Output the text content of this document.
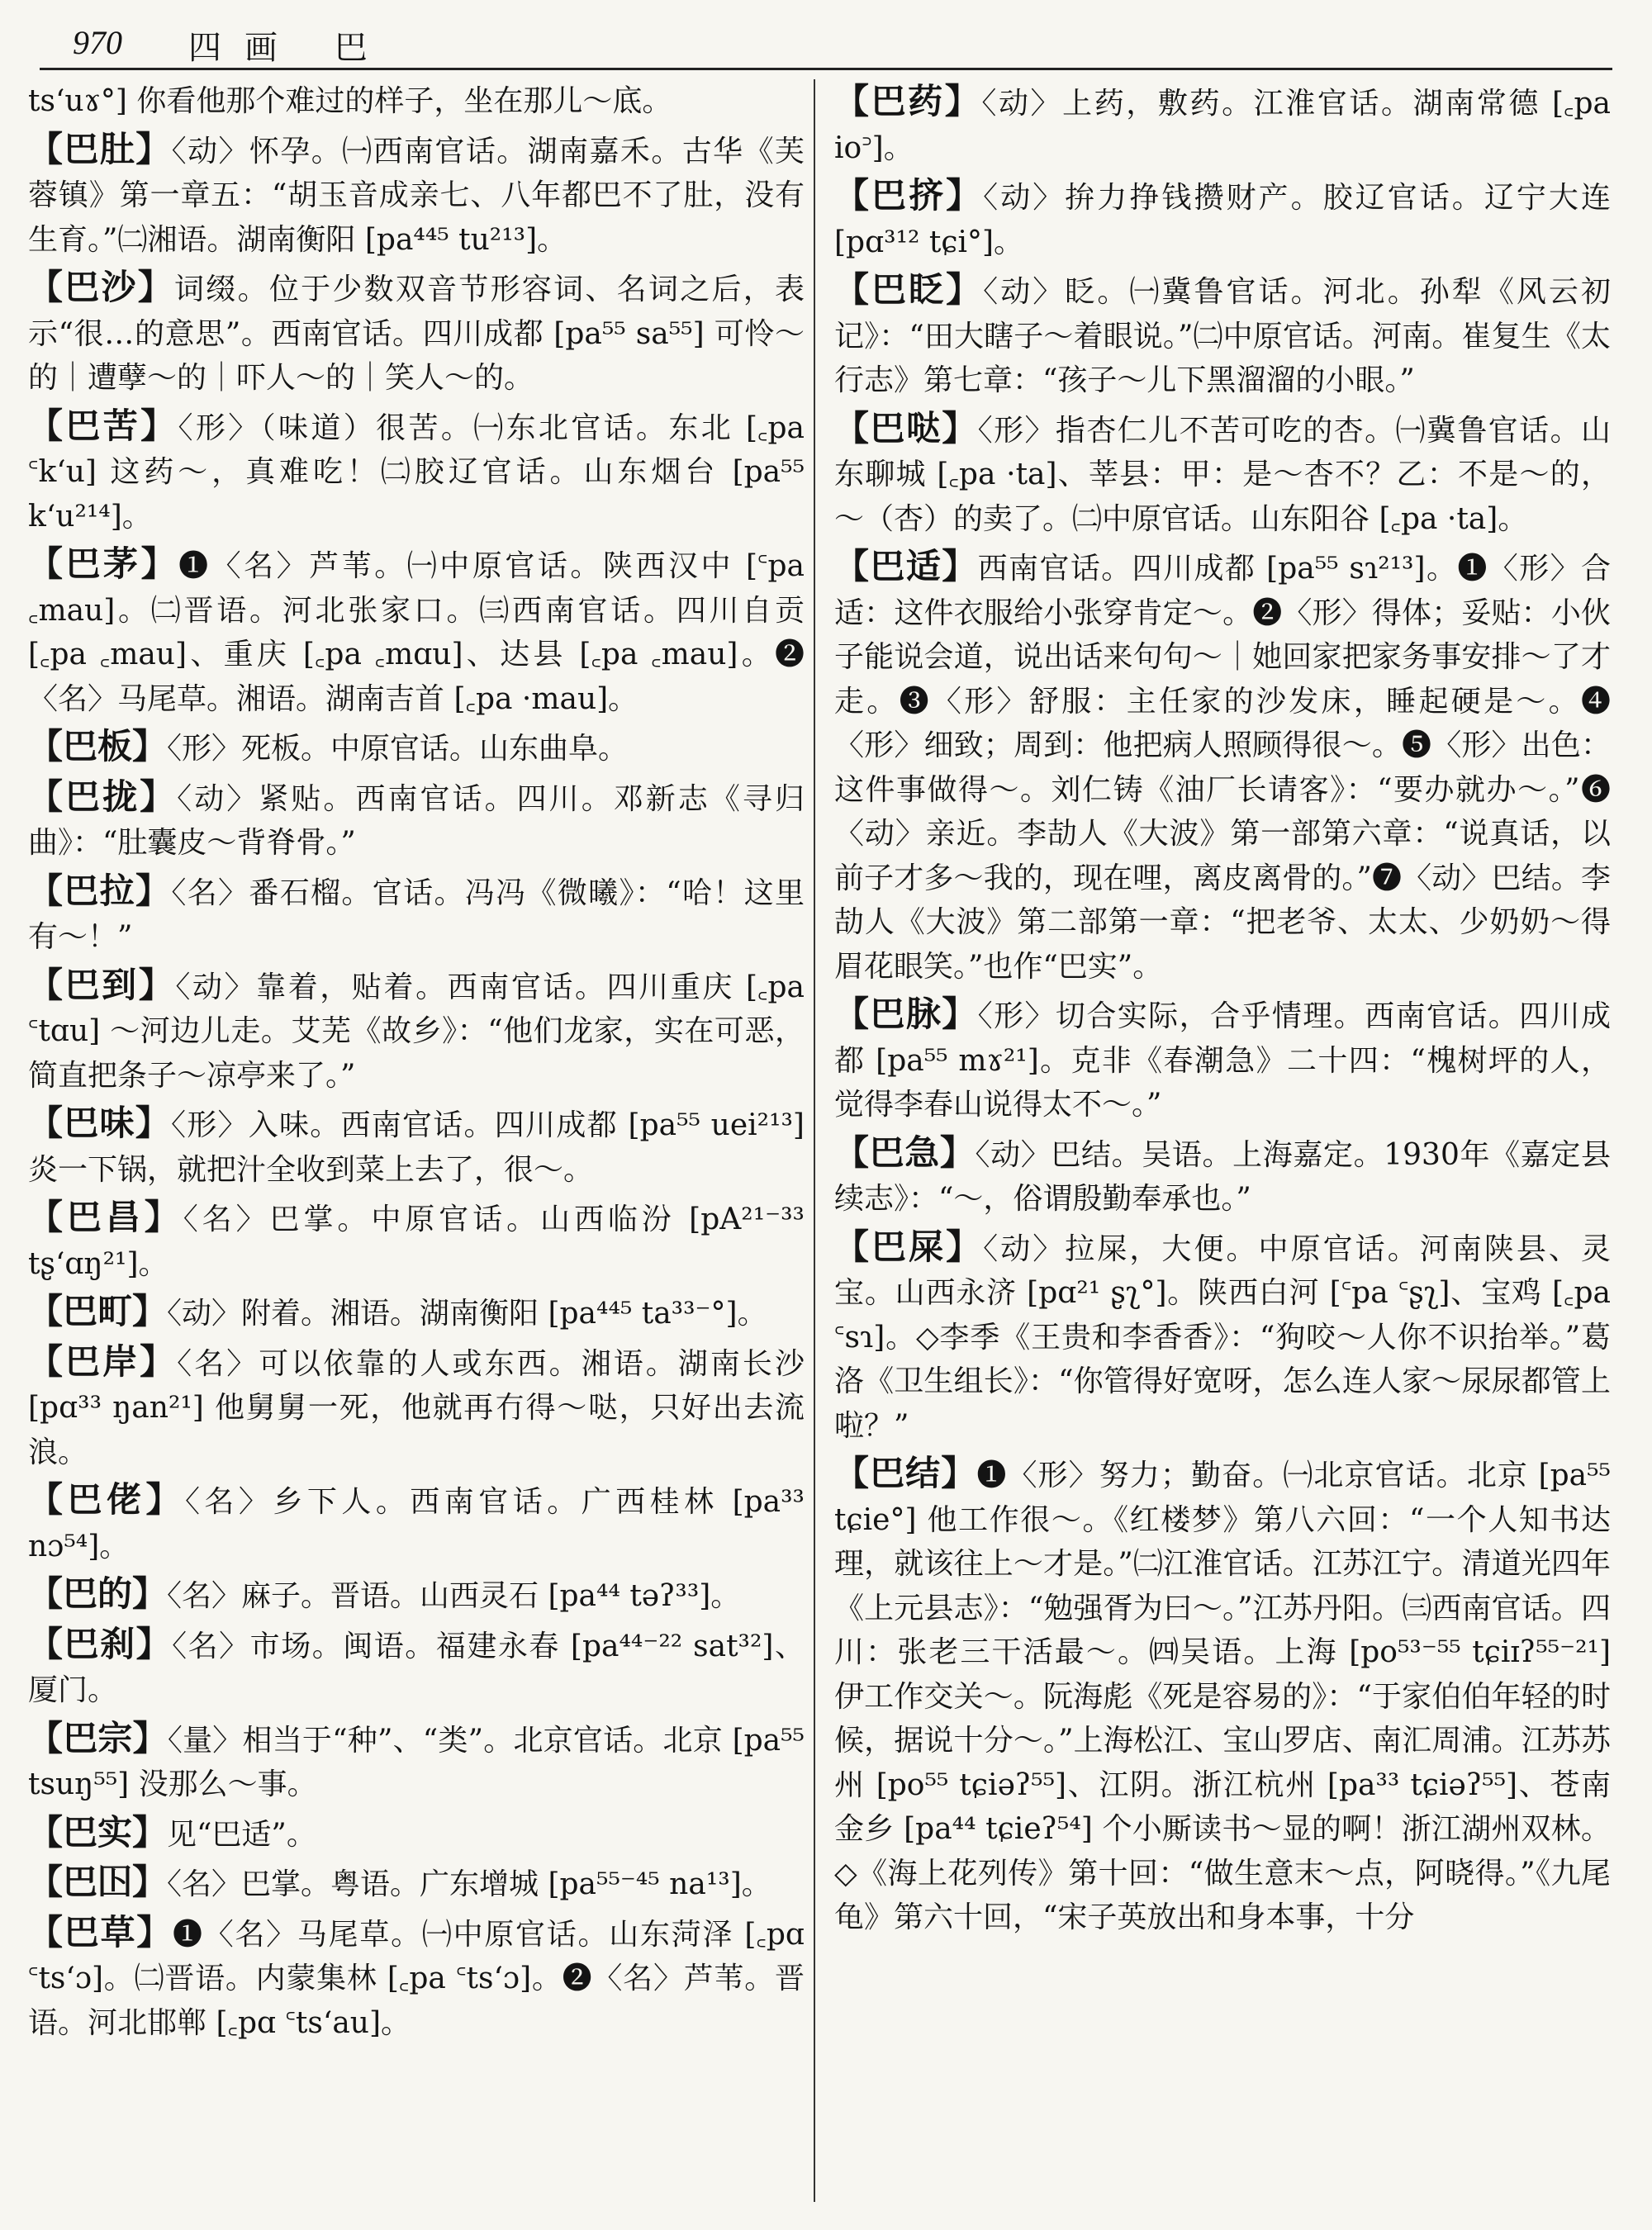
970 四画 巴
tsʻuɤ°] 你看他那个难过的样子，坐在那儿～底。
【巴肚】〈动〉怀孕。㈠西南官话。湖南嘉禾。古华《芙蓉镇》第一章五：“胡玉音成亲七、八年都巴不了肚，没有生育。”㈡湘语。湖南衡阳 [pa⁴⁴⁵ tu²¹³]。
【巴沙】词缀。位于少数双音节形容词、名词之后，表示“很…的意思”。西南官话。四川成都 [pa⁵⁵ sa⁵⁵] 可怜～的｜遭孽～的｜吓人～的｜笑人～的。
【巴苦】〈形〉（味道）很苦。㈠东北官话。东北 [꜀pa ꜂kʻu] 这药～，真难吃！㈡胶辽官话。山东烟台 [pa⁵⁵ kʻu²¹⁴]。
【巴茅】❶〈名〉芦苇。㈠中原官话。陕西汉中 [꜂pa ꜀mau]。㈡晋语。河北张家口。㈢西南官话。四川自贡 [꜀pa ꜀mau]、重庆 [꜀pa ꜀mɑu]、达县 [꜀pa ꜀mau]。❷〈名〉马尾草。湘语。湖南吉首 [꜀pa ·mau]。
【巴板】〈形〉死板。中原官话。山东曲阜。
【巴拢】〈动〉紧贴。西南官话。四川。邓新志《寻归曲》：“肚囊皮～背脊骨。”
【巴拉】〈名〉番石榴。官话。冯冯《微曦》：“哈！这里有～！”
【巴到】〈动〉靠着，贴着。西南官话。四川重庆 [꜀pa ꜂tɑu] ～河边儿走。艾芜《故乡》：“他们龙家，实在可恶，简直把条子～凉亭来了。”
【巴味】〈形〉入味。西南官话。四川成都 [pa⁵⁵ uei²¹³] 炎一下锅，就把汁全收到菜上去了，很～。
【巴昌】〈名〉巴掌。中原官话。山西临汾 [pA²¹⁻³³ tʂʻɑŋ²¹]。
【巴町】〈动〉附着。湘语。湖南衡阳 [pa⁴⁴⁵ ta³³⁻°]。
【巴岸】〈名〉可以依靠的人或东西。湘语。湖南长沙 [pɑ³³ ŋan²¹] 他舅舅一死，他就再冇得～哒，只好出去流浪。
【巴佬】〈名〉乡下人。西南官话。广西桂林 [pa³³ nɔ⁵⁴]。
【巴的】〈名〉麻子。晋语。山西灵石 [pa⁴⁴ təʔ³³]。
【巴刹】〈名〉市场。闽语。福建永春 [pa⁴⁴⁻²² sat³²]、厦门。
【巴宗】〈量〉相当于“种”、“类”。北京官话。北京 [pa⁵⁵ tsuŋ⁵⁵] 没那么～事。
【巴实】见“巴适”。
【巴𡆥】〈名〉巴掌。粤语。广东增城 [pa⁵⁵⁻⁴⁵ na¹³]。
【巴草】❶〈名〉马尾草。㈠中原官话。山东菏泽 [꜀pɑ ꜂tsʻɔ]。㈡晋语。内蒙集林 [꜀pa ꜂tsʻɔ]。❷〈名〉芦苇。晋语。河北邯郸 [꜀pɑ ꜂tsʻau]。
【巴药】〈动〉上药，敷药。江淮官话。湖南常德 [꜀pa io꜄]。
【巴挤】〈动〉拚力挣钱攒财产。胶辽官话。辽宁大连 [pɑ³¹² tɕi°]。
【巴眨】〈动〉眨。㈠冀鲁官话。河北。孙犁《风云初记》：“田大瞎子～着眼说。”㈡中原官话。河南。崔复生《太行志》第七章：“孩子～儿下黑溜溜的小眼。”
【巴哒】〈形〉指杏仁儿不苦可吃的杏。㈠冀鲁官话。山东聊城 [꜀pa ·ta]、莘县：甲：是～杏不？乙：不是～的，～（杏）的卖了。㈡中原官话。山东阳谷 [꜀pa ·ta]。
【巴适】西南官话。四川成都 [pa⁵⁵ sɿ²¹³]。❶〈形〉合适：这件衣服给小张穿肯定～。❷〈形〉得体；妥贴：小伙子能说会道，说出话来句句～｜她回家把家务事安排～了才走。❸〈形〉舒服：主任家的沙发床，睡起硬是～。❹〈形〉细致；周到：他把病人照顾得很～。❺〈形〉出色：这件事做得～。刘仁铸《油厂长请客》：“要办就办～。”❻〈动〉亲近。李劼人《大波》第一部第六章：“说真话，以前子才多～我的，现在哩，离皮离骨的。”❼〈动〉巴结。李劼人《大波》第二部第一章：“把老爷、太太、少奶奶～得眉花眼笑。”也作“巴实”。
【巴脉】〈形〉切合实际，合乎情理。西南官话。四川成都 [pa⁵⁵ mɤ²¹]。克非《春潮急》二十四：“槐树坪的人，觉得李春山说得太不～。”
【巴急】〈动〉巴结。吴语。上海嘉定。1930年《嘉定县续志》：“～，俗谓殷勤奉承也。”
【巴屎】〈动〉拉屎，大便。中原官话。河南陕县、灵宝。山西永济 [pɑ²¹ ʂʅ°]。陕西白河 [꜂pa ꜂ʂʅ]、宝鸡 [꜀pa ꜂sɿ]。◇李季《王贵和李香香》：“狗咬～人你不识抬举。”葛洛《卫生组长》：“你管得好宽呀，怎么连人家～尿尿都管上啦？”
【巴结】❶〈形〉努力；勤奋。㈠北京官话。北京 [pa⁵⁵ tɕie°] 他工作很～。《红楼梦》第八六回：“一个人知书达理，就该往上～才是。”㈡江淮官话。江苏江宁。清道光四年《上元县志》：“勉强胥为曰～。”江苏丹阳。㈢西南官话。四川：张老三干活最～。㈣吴语。上海 [po⁵³⁻⁵⁵ tɕiɪʔ⁵⁵⁻²¹] 伊工作交关～。阮海彪《死是容易的》：“于家伯伯年轻的时候，据说十分～。”上海松江、宝山罗店、南汇周浦。江苏苏州 [po⁵⁵ tɕiəʔ⁵⁵]、江阴。浙江杭州 [pa³³ tɕiəʔ⁵⁵]、苍南金乡 [pa⁴⁴ tɕieʔ⁵⁴] 个小厮读书～显的啊！浙江湖州双林。◇《海上花列传》第十回：“做生意末～点，阿晓得。”《九尾龟》第六十回，“宋子英放出和身本事，十分
